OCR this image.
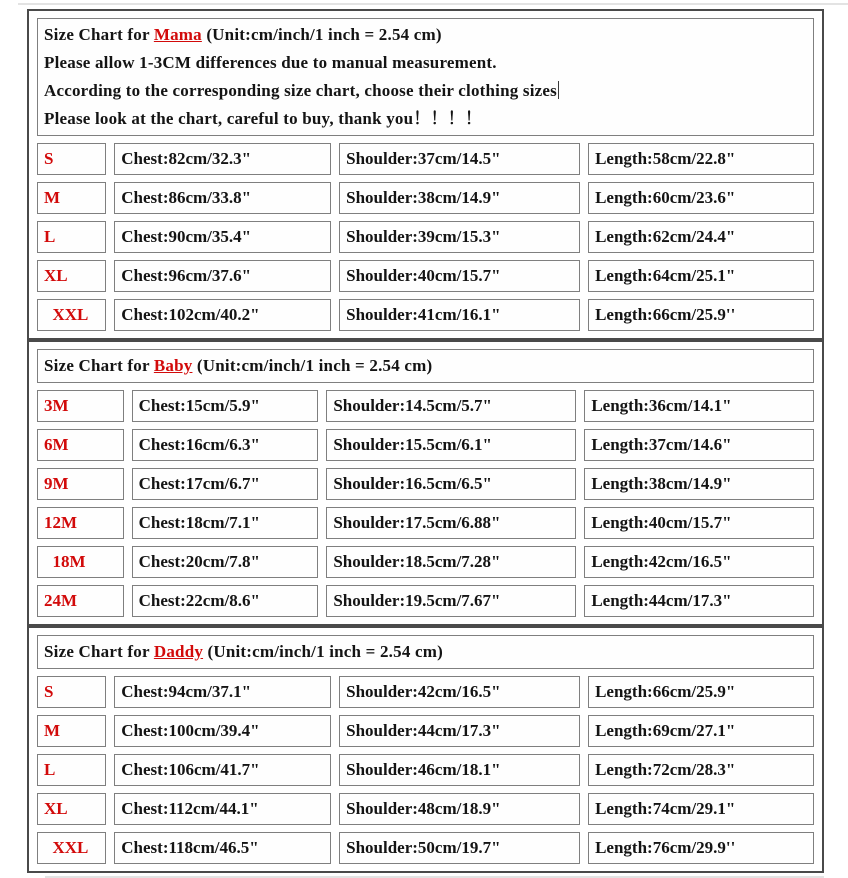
Size Chart for Mama (Unit:cm/inch/1 inch = 2.54 cm)
Please allow 1-3CM differences due to manual measurement.
According to the corresponding size chart, choose their clothing sizes
Please look at the chart, careful to buy, thank you！！！！			

S	Chest:82cm/32.3"	Shoulder:37cm/14.5"	Length:58cm/22.8"
M	Chest:86cm/33.8"	Shoulder:38cm/14.9"	Length:60cm/23.6"
L	Chest:90cm/35.4"	Shoulder:39cm/15.3"	Length:62cm/24.4"
XL	Chest:96cm/37.6"	Shoulder:40cm/15.7"	Length:64cm/25.1"
XXL	Chest:102cm/40.2"	Shoulder:41cm/16.1"	Length:66cm/25.9''
Size Chart for Baby (Unit:cm/inch/1 inch = 2.54 cm)			

3M	Chest:15cm/5.9"	Shoulder:14.5cm/5.7"	Length:36cm/14.1"
6M	Chest:16cm/6.3"	Shoulder:15.5cm/6.1"	Length:37cm/14.6"
9M	Chest:17cm/6.7"	Shoulder:16.5cm/6.5"	Length:38cm/14.9"
12M	Chest:18cm/7.1"	Shoulder:17.5cm/6.88"	Length:40cm/15.7"
18M	Chest:20cm/7.8"	Shoulder:18.5cm/7.28"	Length:42cm/16.5"
24M	Chest:22cm/8.6"	Shoulder:19.5cm/7.67"	Length:44cm/17.3"
Size Chart for Daddy (Unit:cm/inch/1 inch = 2.54 cm)			

S	Chest:94cm/37.1"	Shoulder:42cm/16.5"	Length:66cm/25.9"
M	Chest:100cm/39.4"	Shoulder:44cm/17.3"	Length:69cm/27.1"
L	Chest:106cm/41.7"	Shoulder:46cm/18.1"	Length:72cm/28.3"
XL	Chest:112cm/44.1"	Shoulder:48cm/18.9"	Length:74cm/29.1"
XXL	Chest:118cm/46.5"	Shoulder:50cm/19.7"	Length:76cm/29.9''
